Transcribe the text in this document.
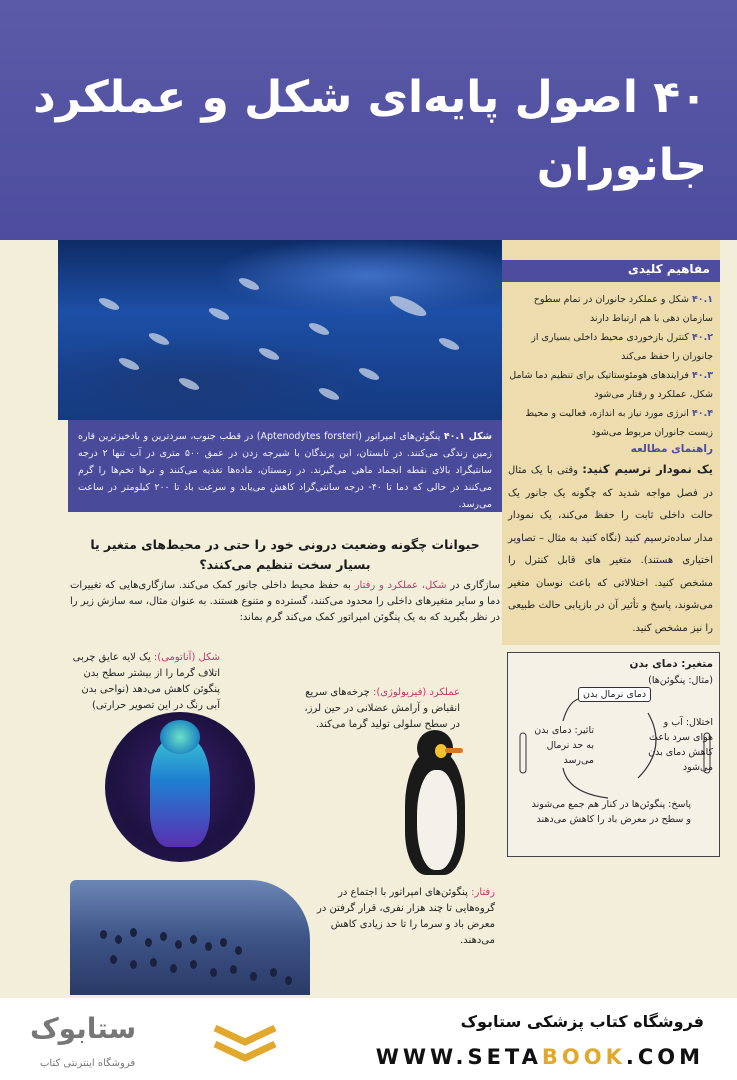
۴۰ اصول پایه‌ای شکل و عملکرد
جانوران
شکل ۴۰.۱ پنگوئن‌های امپراتور (Aptenodytes forsteri) در قطب جنوب، سردترین و بادخیزترین قاره زمین زندگی می‌کنند. در تابستان، این پرندگان با شیرجه زدن در عمق ۵۰۰ متری در آب تنها ۲ درجه سانتیگراد بالای نقطه انجماد ماهی می‌گیرند. در زمستان، ماده‌ها تغذیه می‌کنند و نرها تخم‌ها را گرم می‌کنند در حالی که دما تا ۴۰- درجه سانتی‌گراد کاهش می‌یابد و سرعت باد تا ۲۰۰ کیلومتر در ساعت می‌رسد.
حیوانات چگونه وضعیت درونی خود را حتی در محیط‌های متغیر یا بسیار سخت تنظیم می‌کنند؟
سازگاری در شکل، عملکرد و رفتار به حفظ محیط داخلی جانور کمک می‌کند. سازگاری‌هایی که تغییرات دما و سایر متغیرهای داخلی را محدود می‌کنند، گسترده و متنوع هستند. به عنوان مثال، سه سازش زیر را در نظر بگیرید که به یک پنگوئن امپراتور کمک می‌کند گرم بماند:
شکل (آناتومی): یک لایه عایق چربی اتلاف گرما را از بیشتر سطح بدن پنگوئن کاهش می‌دهد (نواحی بدن آبی رنگ در این تصویر حرارتی)
عملکرد (فیزیولوژی): چرخه‌های سریع انقباض و آرامش عضلانی در حین لرز، در سطح سلولی تولید گرما می‌کند.
رفتار: پنگوئن‌های امپراتور با اجتماع در گروه‌هایی تا چند هزار نفری، قرار گرفتن در معرض باد و سرما را تا حد زیادی کاهش می‌دهند.
مفاهیم کلیدی
۴۰.۱ شکل و عملکرد جانوران در تمام سطوح سازمان دهی با هم ارتباط دارند
۴۰.۲ کنترل بازخوردی محیط داخلی بسیاری از جانوران را حفظ می‌کند
۴۰.۳ فرایندهای هومئوستاتیک برای تنظیم دما شامل شکل، عملکرد و رفتار می‌شود
۴۰.۴ انرژی مورد نیاز به اندازه، فعالیت و محیط زیست جانوران مربوط می‌شود
راهنمای مطالعه
یک نمودار ترسیم کنید: وقتی با یک مثال در فصل مواجه شدید که چگونه یک جانور یک حالت داخلی ثابت را حفظ می‌کند، یک نمودار مدار ساده‌ترسیم کنید (نگاه کنید به مثال – تصاویر اختیاری هستند). متغیر های قابل کنترل را مشخص کنید. اختلالاتی که باعث نوسان متغیر می‌شوند، پاسخ و تأثیر آن در بازیابی حالت طبیعی را نیز مشخص کنید.
متغیر: دمای بدن
(مثال: پنگوئن‌ها)
دمای نرمال بدن
اختلال: آب و هوای سرد باعث کاهش دمای بدن می‌شود
تاثیر: دمای بدن به حد نرمال می‌رسد
پاسخ: پنگوئن‌ها در کنار هم جمع می‌شوند و سطح در معرض باد را کاهش می‌دهند
فروشگاه کتاب پزشکی ستابوک
WWW.SETABOOK.COM
ستابوک
فروشگاه اینترنتی کتاب
